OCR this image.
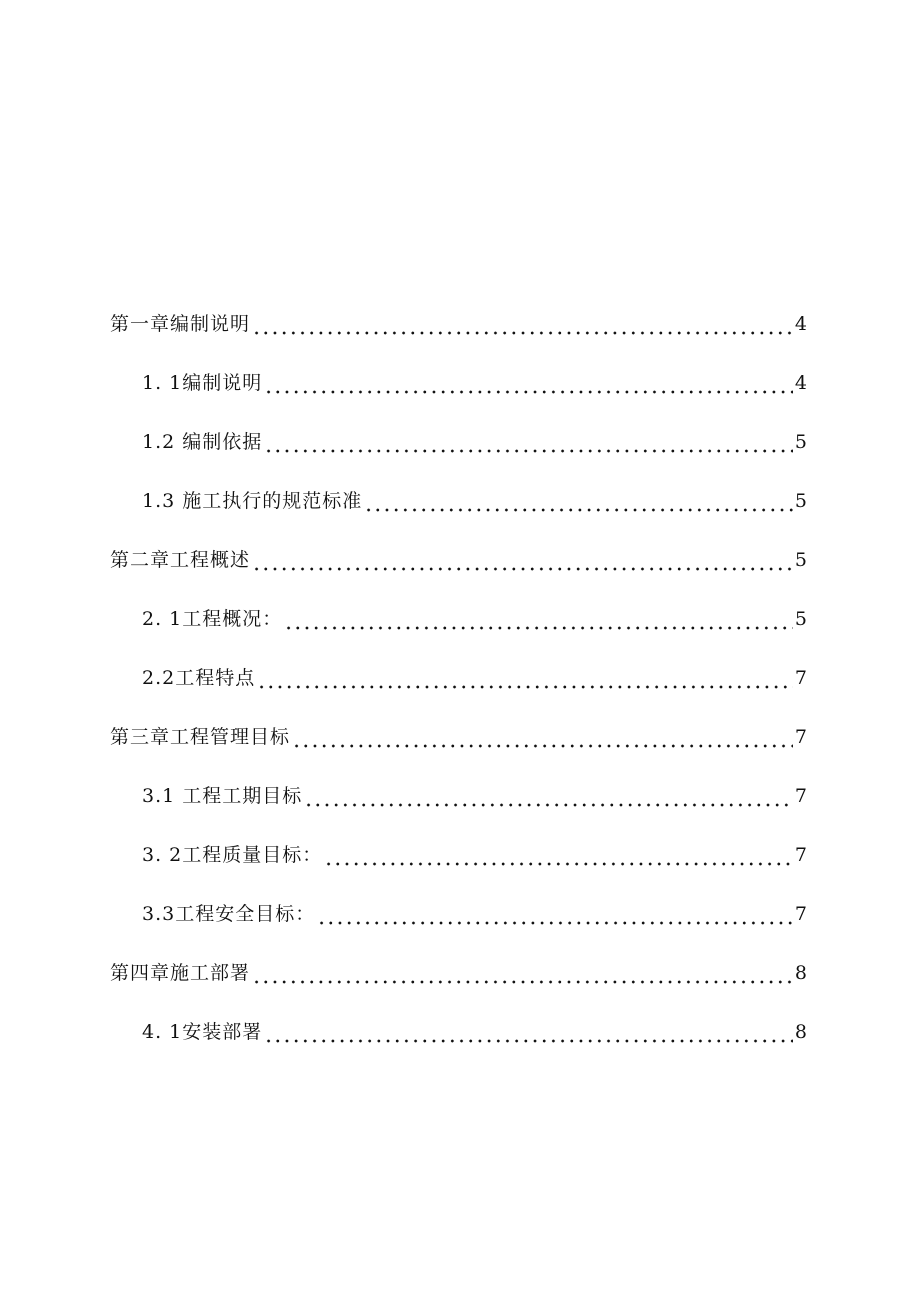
第一章编制说明	4
1. 1编制说明	4
1.2 编制依据	5
1.3 施工执行的规范标准	5
第二章工程概述	5
2. 1工程概况：	5
2.2工程特点	7
第三章工程管理目标	7
3.1 工程工期目标	7
3. 2工程质量目标：	7
3.3工程安全目标：	7
第四章施工部署	8
4. 1安装部署	8
